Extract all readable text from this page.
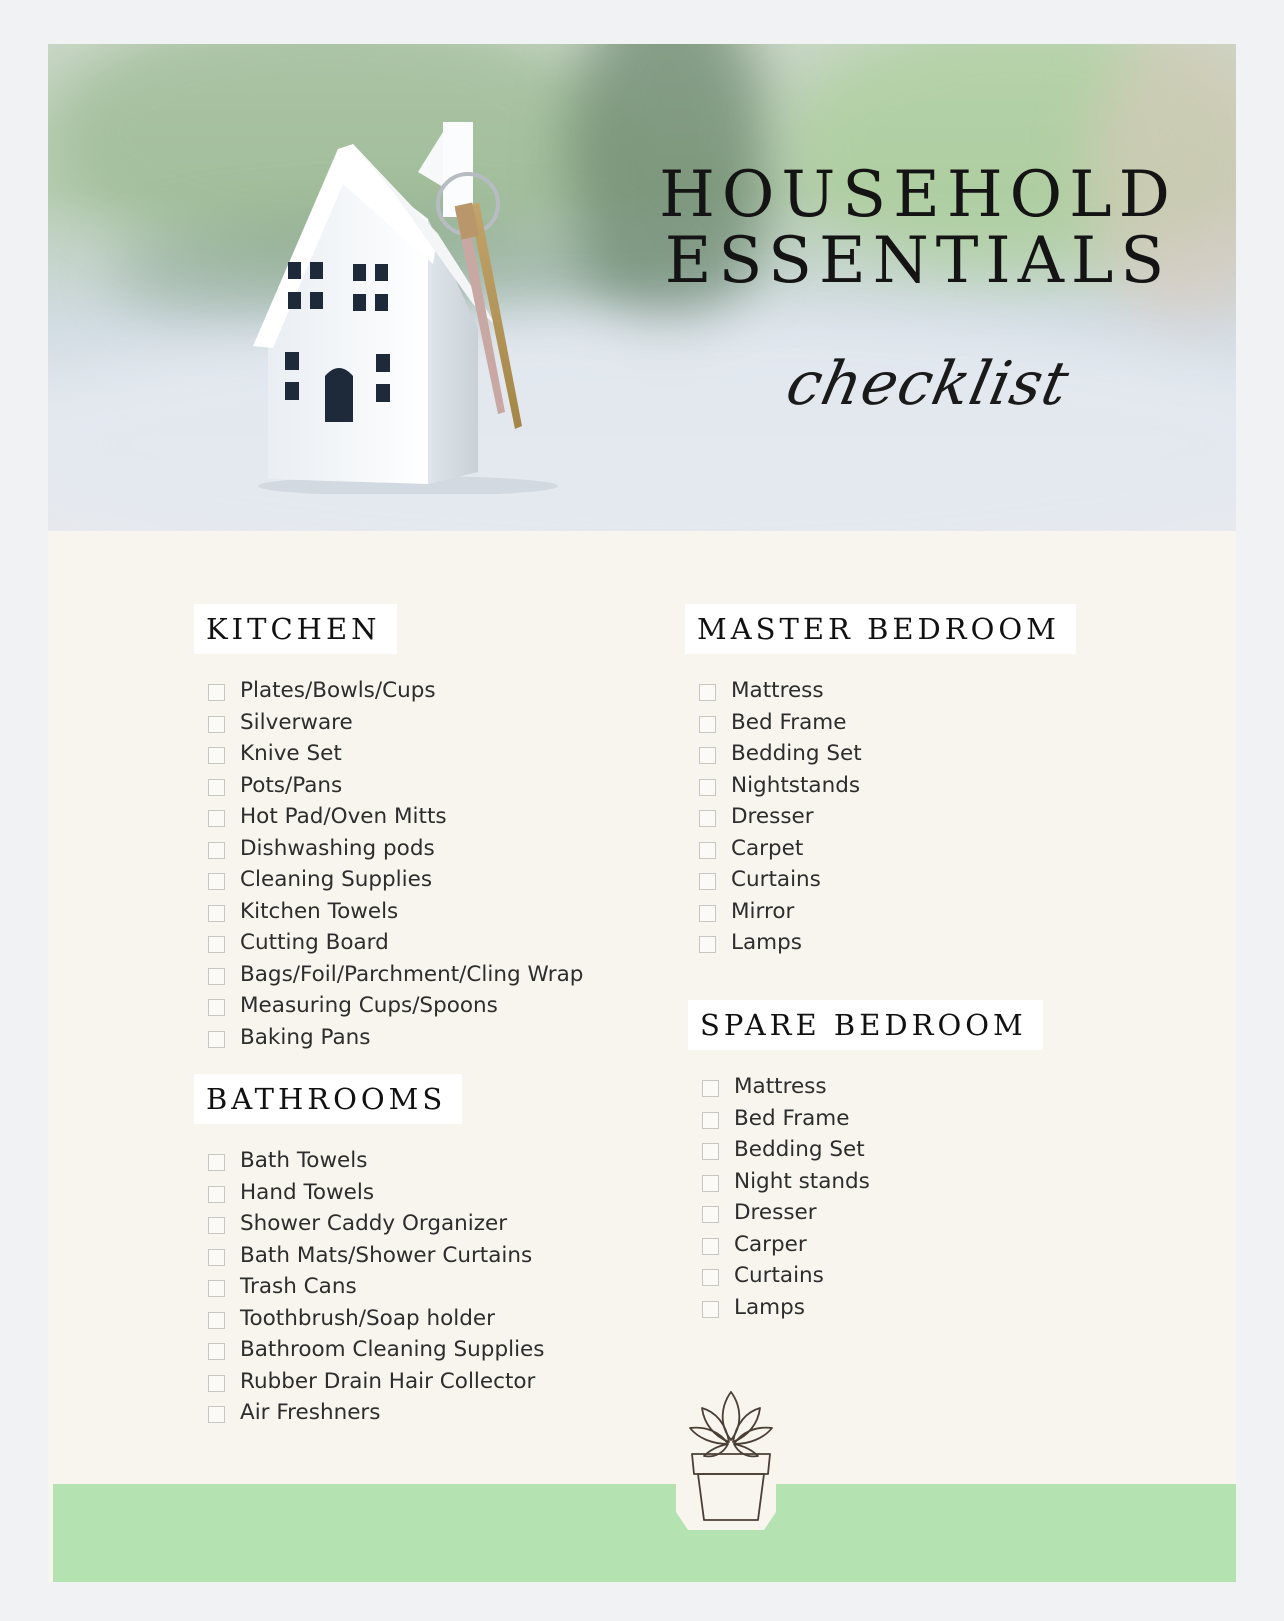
HOUSEHOLD
ESSENTIALS
checklist
KITCHEN
Plates/Bowls/Cups
Silverware
Knive Set
Pots/Pans
Hot Pad/Oven Mitts
Dishwashing pods
Cleaning Supplies
Kitchen Towels
Cutting Board
Bags/Foil/Parchment/Cling Wrap
Measuring Cups/Spoons
Baking Pans
BATHROOMS
Bath Towels
Hand Towels
Shower Caddy Organizer
Bath Mats/Shower Curtains
Trash Cans
Toothbrush/Soap holder
Bathroom Cleaning Supplies
Rubber Drain Hair Collector
Air Freshners
MASTER BEDROOM
Mattress
Bed Frame
Bedding Set
Nightstands
Dresser
Carpet
Curtains
Mirror
Lamps
SPARE BEDROOM
Mattress
Bed Frame
Bedding Set
Night stands
Dresser
Carper
Curtains
Lamps
